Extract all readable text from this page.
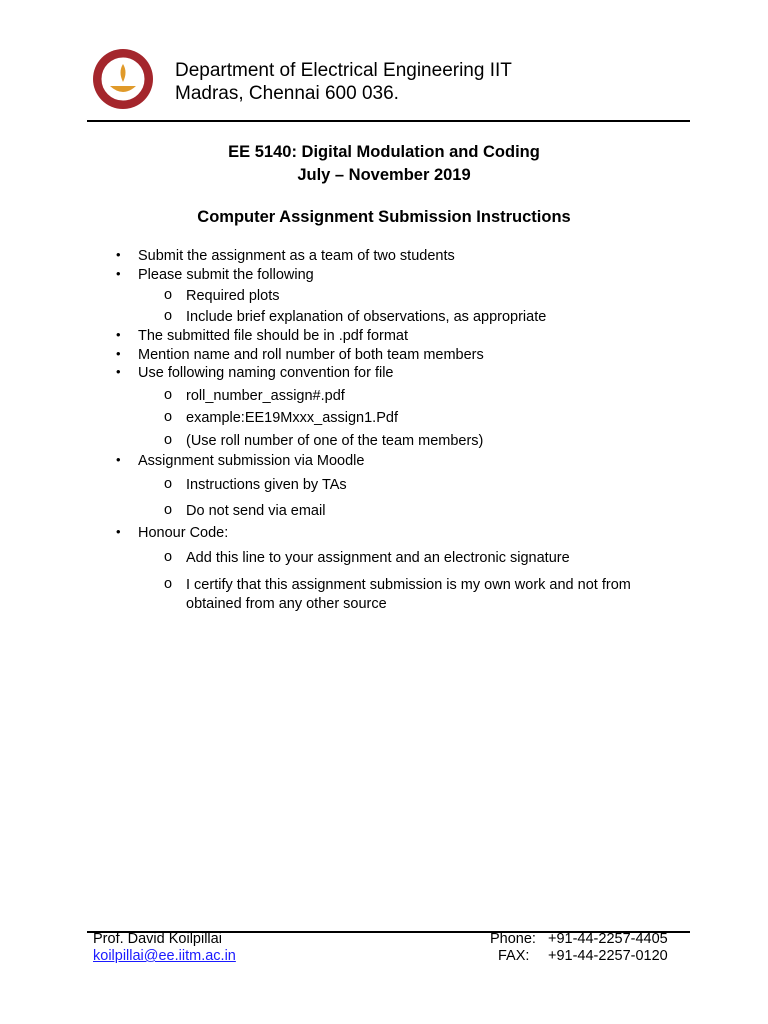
Department of Electrical Engineering IIT
Madras, Chennai 600 036.
EE 5140: Digital Modulation and Coding
July – November 2019
Computer Assignment Submission Instructions
• Submit the assignment as a team of two students
• Please submit the following
o Required plots
o Include brief explanation of observations, as appropriate
• The submitted file should be in .pdf format
• Mention name and roll number of both team members
• Use following naming convention for file
o roll_number_assign#.pdf
o example:EE19Mxxx_assign1.Pdf
o (Use roll number of one of the team members)
• Assignment submission via Moodle
o Instructions given by TAs
o Do not send via email
• Honour Code:
o Add this line to your assignment and an electronic signature
o I certify that this assignment submission is my own work and not from
obtained from any other source
Prof. David Koilpillai
koilpillai@ee.iitm.ac.in
Phone: +91-44-2257-4405
FAX: +91-44-2257-0120
